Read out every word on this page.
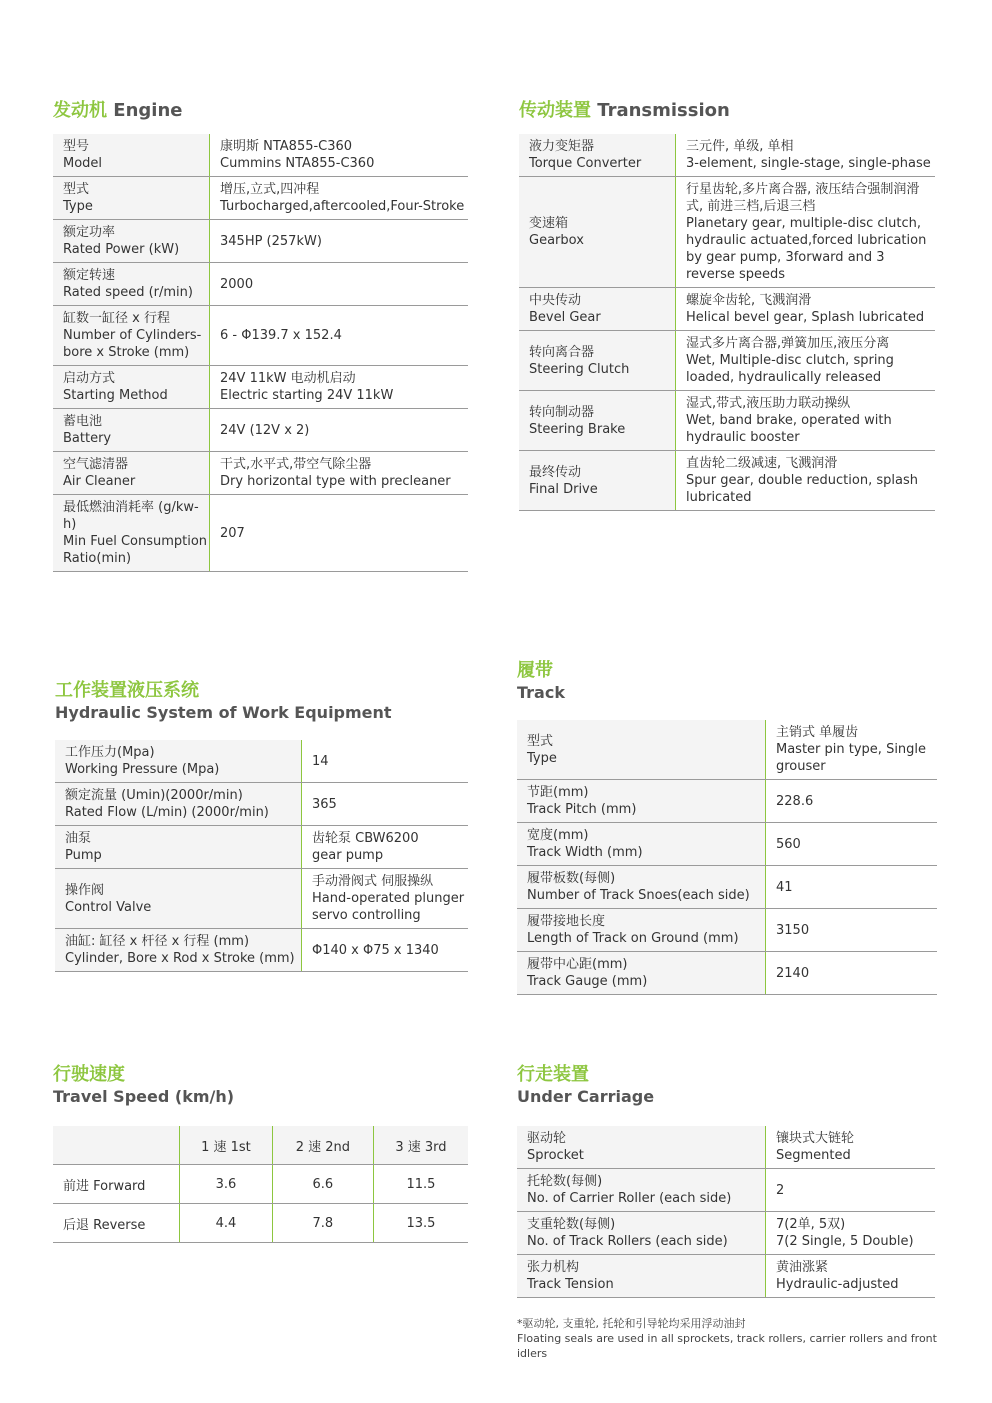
发动机 Engine
型号
Model	康明斯 NTA855-C360
Cummins NTA855-C360

型式
Type	增压,立式,四冲程
Turbocharged,aftercooled,Four-Stroke

额定功率
Rated Power (kW)	345HP (257kW)

额定转速
Rated speed (r/min)	2000

缸数一缸径 x 行程
Number of Cylinders-bore x Stroke (mm)	6 - Φ139.7 x 152.4

启动方式
Starting Method	24V 11kW 电动机启动
Electric starting 24V 11kW

蓄电池
Battery	24V (12V x 2)

空气滤清器
Air Cleaner	干式,水平式,带空气除尘器
Dry horizontal type with precleaner

最低燃油消耗率 (g/kw-h)
Min Fuel Consumption Ratio(min)	207
传动装置 Transmission
液力变矩器
Torque Converter	三元件, 单级, 单相
3-element, single-stage, single-phase

变速箱
Gearbox	行星齿轮,多片离合器, 液压结合强制润滑式, 前进三档,后退三档
Planetary gear, multiple-disc clutch, hydraulic actuated,forced lubrication by gear pump, 3forward and 3 reverse speeds

中央传动
Bevel Gear	螺旋伞齿轮, 飞溅润滑
Helical bevel gear, Splash lubricated

转向离合器
Steering Clutch	湿式多片离合器,弹簧加压,液压分离
Wet, Multiple-disc clutch, spring loaded, hydraulically released

转向制动器
Steering Brake	湿式,带式,液压助力联动操纵
Wet, band brake, operated with hydraulic booster

最终传动
Final Drive	直齿轮二级减速, 飞溅润滑
Spur gear, double reduction, splash lubricated
工作装置液压系统
Hydraulic System of Work Equipment
工作压力(Mpa)
Working Pressure (Mpa)	14

额定流量 (Umin)(2000r/min)
Rated Flow (L/min) (2000r/min)	365

油泵
Pump	齿轮泵 CBW6200
gear pump

操作阀
Control Valve	手动滑阀式 伺服操纵
Hand-operated plunger servo controlling

油缸: 缸径 x 杆径 x 行程 (mm)
Cylinder, Bore x Rod x Stroke (mm)	Φ140 x Φ75 x 1340
履带
Track
型式
Type	主销式 单履齿
Master pin type, Single grouser

节距(mm)
Track Pitch (mm)	228.6

宽度(mm)
Track Width (mm)	560

履带板数(每侧)
Number of Track Snoes(each side)	41

履带接地长度
Length of Track on Ground (mm)	3150

履带中心距(mm)
Track Gauge (mm)	2140
行驶速度
Travel Speed (km/h)
	1 速 1st	2 速 2nd	3 速 3rd
前进 Forward	3.6	6.6	11.5
后退 Reverse	4.4	7.8	13.5
行走装置
Under Carriage
驱动轮
Sprocket	镶块式大链轮
Segmented

托轮数(每侧)
No. of Carrier Roller (each side)	2

支重轮数(每侧)
No. of Track Rollers (each side)	7(2单, 5双)
7(2 Single, 5 Double)

张力机构
Track Tension	黄油涨紧
Hydraulic-adjusted
*驱动轮, 支重轮, 托轮和引导轮均采用浮动油封
Floating seals are used in all sprockets, track rollers, carrier rollers and front idlers
